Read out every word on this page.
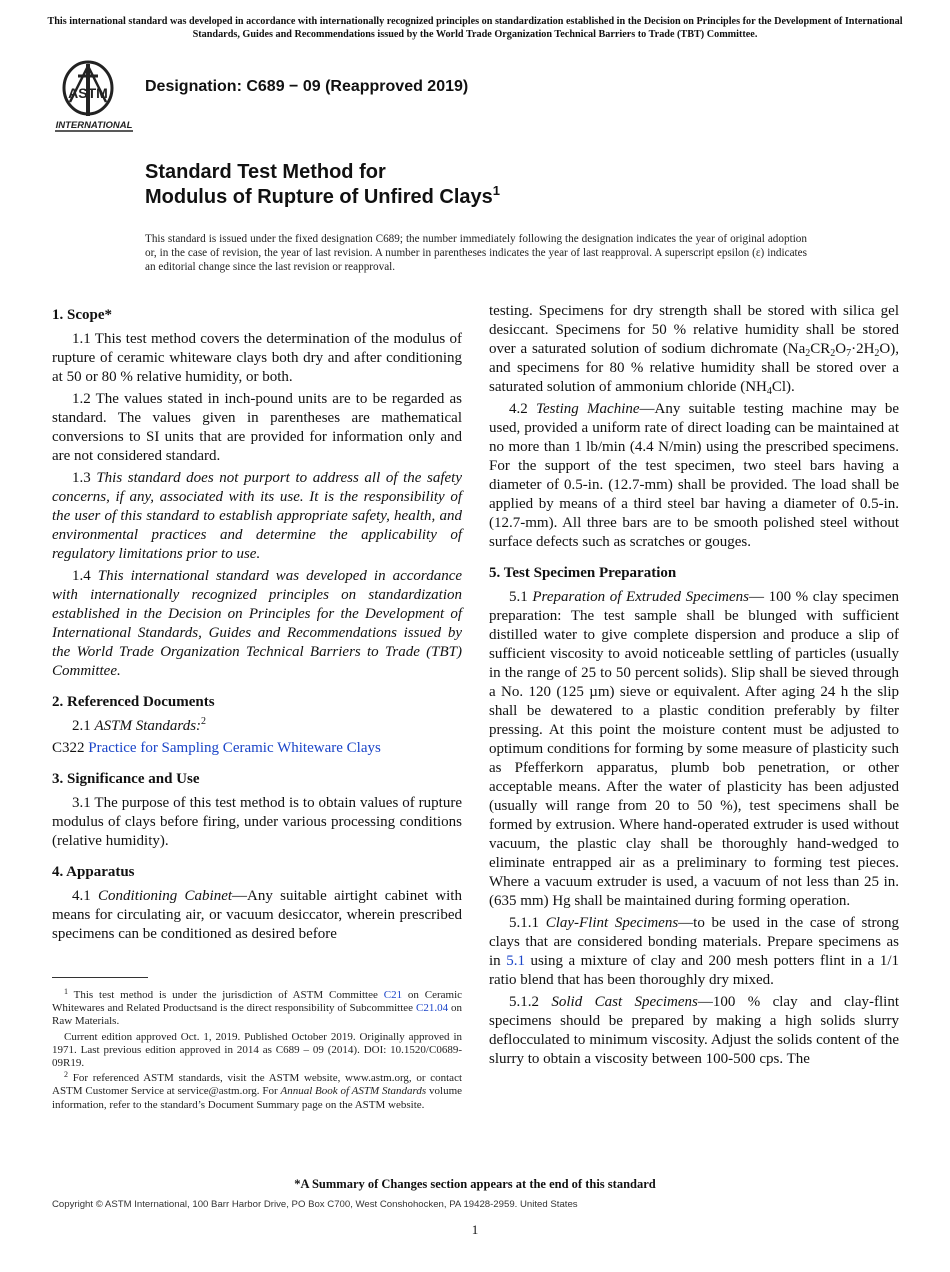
This international standard was developed in accordance with internationally recognized principles on standardization established in the Decision on Principles for the Development of International Standards, Guides and Recommendations issued by the World Trade Organization Technical Barriers to Trade (TBT) Committee.
ASTM
INTERNATIONAL
Designation: C689 − 09 (Reapproved 2019)
Standard Test Method for
Modulus of Rupture of Unfired Clays$^1$
This standard is issued under the fixed designation C689; the number immediately following the designation indicates the year of original adoption or, in the case of revision, the year of last revision. A number in parentheses indicates the year of last reapproval. A superscript epsilon (ε) indicates an editorial change since the last revision or reapproval.
1. Scope*

1.1 This test method covers the determination of the modulus of rupture of ceramic whiteware clays both dry and after conditioning at 50 or 80 % relative humidity, or both.

1.2 The values stated in inch-pound units are to be regarded as standard. The values given in parentheses are mathematical conversions to SI units that are provided for information only and are not considered standard.

1.3 This standard does not purport to address all of the safety concerns, if any, associated with its use. It is the responsibility of the user of this standard to establish appropriate safety, health, and environmental practices and determine the applicability of regulatory limitations prior to use.

1.4 This international standard was developed in accordance with internationally recognized principles on standardization established in the Decision on Principles for the Development of International Standards, Guides and Recommendations issued by the World Trade Organization Technical Barriers to Trade (TBT) Committee.

2. Referenced Documents

2.1 ASTM Standards:$^2$

C322 Practice for Sampling Ceramic Whiteware Clays

3. Significance and Use

3.1 The purpose of this test method is to obtain values of rupture modulus of clays before firing, under various processing conditions (relative humidity).

4. Apparatus

4.1 Conditioning Cabinet—Any suitable airtight cabinet with means for circulating air, or vacuum desiccator, wherein prescribed specimens can be conditioned as desired before

$^1$ This test method is under the jurisdiction of ASTM Committee C21 on Ceramic Whitewares and Related Productsand is the direct responsibility of Subcommittee C21.04 on Raw Materials.

Current edition approved Oct. 1, 2019. Published October 2019. Originally approved in 1971. Last previous edition approved in 2014 as C689 – 09 (2014). DOI: 10.1520/C0689-09R19.

$^2$ For referenced ASTM standards, visit the ASTM website, www.astm.org, or contact ASTM Customer Service at service@astm.org. For Annual Book of ASTM Standards volume information, refer to the standard’s Document Summary page on the ASTM website.

testing. Specimens for dry strength shall be stored with silica gel desiccant. Specimens for 50 % relative humidity shall be stored over a saturated solution of sodium dichromate $(Na_2CR_2O_7\cdot 2H_2O)$, and specimens for 80 % relative humidity shall be stored over a saturated solution of ammonium chloride $(NH_4Cl)$.

4.2 Testing Machine—Any suitable testing machine may be used, provided a uniform rate of direct loading can be maintained at no more than 1 lb/min (4.4 N/min) using the prescribed specimens. For the support of the test specimen, two steel bars having a diameter of 0.5-in. (12.7-mm) shall be provided. The load shall be applied by means of a third steel bar having a diameter of 0.5-in. (12.7-mm). All three bars are to be smooth polished steel without surface defects such as scratches or gouges.

5. Test Specimen Preparation

5.1 Preparation of Extruded Specimens— 100 % clay specimen preparation: The test sample shall be blunged with sufficient distilled water to give complete dispersion and produce a slip of sufficient viscosity to avoid noticeable settling of particles (usually in the range of 25 to 50 percent solids). Slip shall be sieved through a No. 120 (125 µm) sieve or equivalent. After aging 24 h the slip shall be dewatered to a plastic condition preferably by filter pressing. At this point the moisture content must be adjusted to optimum conditions for forming by some measure of plasticity such as Pfefferkorn apparatus, plumb bob penetration, or other acceptable means. After the water of plasticity has been adjusted (usually will range from 20 to 50 %), test specimens shall be formed by extrusion. Where hand-operated extruder is used without vacuum, the plastic clay shall be thoroughly hand-wedged to eliminate entrapped air as a preliminary to forming test pieces. Where a vacuum extruder is used, a vacuum of not less than 25 in. (635 mm) Hg shall be maintained during forming operation.

5.1.1 Clay-Flint Specimens—to be used in the case of strong clays that are considered bonding materials. Prepare specimens as in 5.1 using a mixture of clay and 200 mesh potters flint in a 1/1 ratio blend that has been thoroughly dry mixed.

5.1.2 Solid Cast Specimens—100 % clay and clay-flint specimens should be prepared by making a high solids slurry deflocculated to minimum viscosity. Adjust the solids content of the slurry to obtain a viscosity between 100-500 cps. The

*A Summary of Changes section appears at the end of this standard
Copyright © ASTM International, 100 Barr Harbor Drive, PO Box C700, West Conshohocken, PA 19428-2959. United States
1
